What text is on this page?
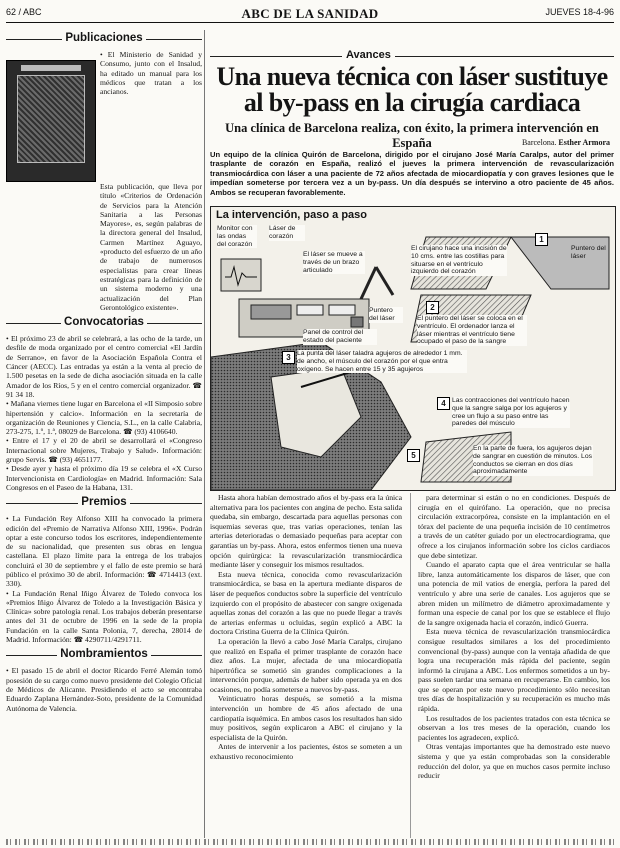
62 / ABC	ABC DE LA SANIDAD	JUEVES 18-4-96
Publicaciones

• El Ministerio de Sanidad y Consumo, junto con el Insalud, ha editado un manual para los médicos que tratan a los ancianos.

Esta publicación, que lleva por título «Criterios de Ordenación de Servicios para la Atención Sanitaria a las Personas Mayores», es, según palabras de la directora general del Insalud, Carmen Martínez Aguayo, «producto del esfuerzo de un año de trabajo de numerosos especialistas para crear líneas estratégicas para la definición de un sistema moderno y una actualización del Plan Gerontológico existente».

Convocatorias

• El próximo 23 de abril se celebrará, a las ocho de la tarde, un desfile de moda organizado por el centro comercial «El Jardín de Serrano», en favor de la Asociación Española Contra el Cáncer (AECC). Las entradas ya están a la venta al precio de 1.500 pesetas en la sede de dicha asociación situada en la calle Amador de los Ríos, 5 y en el centro comercial organizador. ☎ 91 34 18.
• Mañana viernes tiene lugar en Barcelona el «II Simposio sobre hipertensión y calcio». Información en la secretaría de organización de Reuniones y Ciencia, S.L., en la calle Calabria, 273-275, 1.º, 1.ª, 08029 de Barcelona. ☎ (93) 4106640.
• Entre el 17 y el 20 de abril se desarrollará el «Congreso Internacional sobre Mujeres, Trabajo y Salud». Información: grupo Servis. ☎ (93) 4651177.
• Desde ayer y hasta el próximo día 19 se celebra el «X Curso Intervencionista en Cardiología» en Madrid. Información: Sala Congresos en el Paseo de la Habana, 131.

Premios

• La Fundación Rey Alfonso XIII ha convocado la primera edición del «Premio de Narrativa Alfonso XIII, 1996». Podrán optar a este concurso todos los escritores, independientemente de su nacionalidad, que presenten sus obras en lengua castellana. El plazo límite para la entrega de los trabajos concluirá el 30 de septiembre y el fallo de este premio se hará público el próximo 30 de abril. Información: ☎ 4714413 (ext. 330).
• La Fundación Renal Iñigo Álvarez de Toledo convoca los «Premios Iñigo Álvarez de Toledo a la Investigación Básica y Clínica» sobre patología renal. Los trabajos deberán presentarse antes del 31 de octubre de 1996 en la sede de la propia Fundación en la calle Santa Polonia, 7, derecha, 28014 de Madrid. Información: ☎ 4290711/4291711.

Nombramientos

• El pasado 15 de abril el doctor Ricardo Ferré Alemán tomó posesión de su cargo como nuevo presidente del Colegio Oficial de Médicos de Alicante. Presidiendo el acto se encontraba Eduardo Zaplana Hernández-Soto, presidente de la Comunidad Autónoma de Valencia.

Avances
Una nueva técnica con láser sustituye al by-pass en la cirugía cardiaca
Una clínica de Barcelona realiza, con éxito, la primera intervención en España	Barcelona. Esther Armora

Un equipo de la clínica Quirón de Barcelona, dirigido por el cirujano José María Caralps, autor del primer trasplante de corazón en España, realizó el jueves la primera intervención de revascularización transmiocárdica con láser a una paciente de 72 años afectada de miocardiopatía y con graves lesiones que le impedían someterse por tercera vez a un by-pass. Un día después se intervino a otro paciente de 45 años. Ambos se recuperan favorablemente.

La intervención, paso a paso
Monitor con las ondas del corazón
Láser de corazón
El láser se mueve a través de un brazo articulado
Puntero del láser
Panel de control del estado del paciente
Puntero del láser
1
El cirujano hace una incisión de 10 cms. entre las costillas para situarse en el ventrículo izquierdo del corazón
2
El puntero del láser se coloca en el ventrículo. El ordenador lanza el láser mientras el ventrículo tiene ocupado el paso de la sangre
3 La punta del láser taladra agujeros de alrededor 1 mm. de ancho, el músculo del corazón por el que entra oxígeno. Se hacen entre 15 y 35 agujeros
4 Las contracciones del ventrículo hacen que la sangre salga por los agujeros y cree un flujo a su paso entre las paredes del músculo
5
En la parte de fuera, los agujeros dejan de sangrar en cuestión de minutos. Los conductos se cierran en dos días aproximadamente

Hasta ahora habían demostrado años el by-pass era la única alternativa para los pacientes con angina de pecho. Esta salida quedaba, sin embargo, descartada para aquellas personas con isquemias severas que, tras varias operaciones, tenían las arterias deterioradas o demasiado pequeñas para aceptar con garantías un by-pass. Ahora, estos enfermos tienen una nueva opción quirúrgica: la revascularización transmiocárdica mediante láser y conseguir los mismos resultados.

Esta nueva técnica, conocida como revascularización transmiocárdica, se basa en la apertura mediante disparos de láser de pequeños conductos sobre la superficie del ventrículo izquierdo con el propósito de abastecer con sangre oxigenada aquellas zonas del corazón a las que no puede llegar a través de arterias enfermas u ocluidas, según explicó a ABC la doctora Cristina Guerra de la Clínica Quirón.

La operación la llevó a cabo José María Caralps, cirujano que realizó en España el primer trasplante de corazón hace diez años. La mujer, afectada de una miocardiopatía hipertrófica se sometió sin grandes complicaciones a la intervención porque, además de haber sido operada ya en dos ocasiones, no podía someterse a nuevos by-pass.

Veinticuatro horas después, se sometió a la misma intervención un hombre de 45 años afectado de una cardiopatía isquémica. En ambos casos los resultados han sido muy positivos, según explicaron a ABC el cirujano y la especialista de la Quirón.

Antes de intervenir a los pacientes, éstos se someten a un exhaustivo reconocimiento

para determinar si están o no en condiciones. Después de cirugía en el quirófano. La operación, que no precisa circulación extracorpórea, consiste en la implantación en el tórax del paciente de una pequeña incisión de 10 centímetros a través de un catéter guiado por un electrocardiograma, que ofrece a los cirujanos información sobre los ciclos cardiacos que debe sintetizar.

Cuando el aparato capta que el área ventricular se halla libre, lanza automáticamente los disparos de láser, que con una potencia de mil vatios de energía, perfora la pared del ventrículo y abre una serie de canales. Los agujeros que se abren miden un milímetro de diámetro aproximadamente y forman una especie de canal por los que se establece el flujo de la sangre oxigenada hacia el corazón, indicó Guerra.

Esta nueva técnica de revascularización transmiocárdica consigue resultados similares a los del procedimiento convencional (by-pass) aunque con la ventaja añadida de que logra una recuperación más rápida del paciente, según informó la cirujana a ABC. Los enfermos sometidos a un by-pass suelen tardar una semana en recuperarse. En cambio, los que se operan por este nuevo procedimiento sólo necesitan tres días de hospitalización y su recuperación es mucho más rápida.

Los resultados de los pacientes tratados con esta técnica se observan a los tres meses de la operación, cuando los pacientes los agradecen, explicó.

Otras ventajas importantes que ha demostrado este nuevo sistema y que ya están comprobadas son la considerable reducción del dolor, ya que en muchos casos permite incluso reducir
